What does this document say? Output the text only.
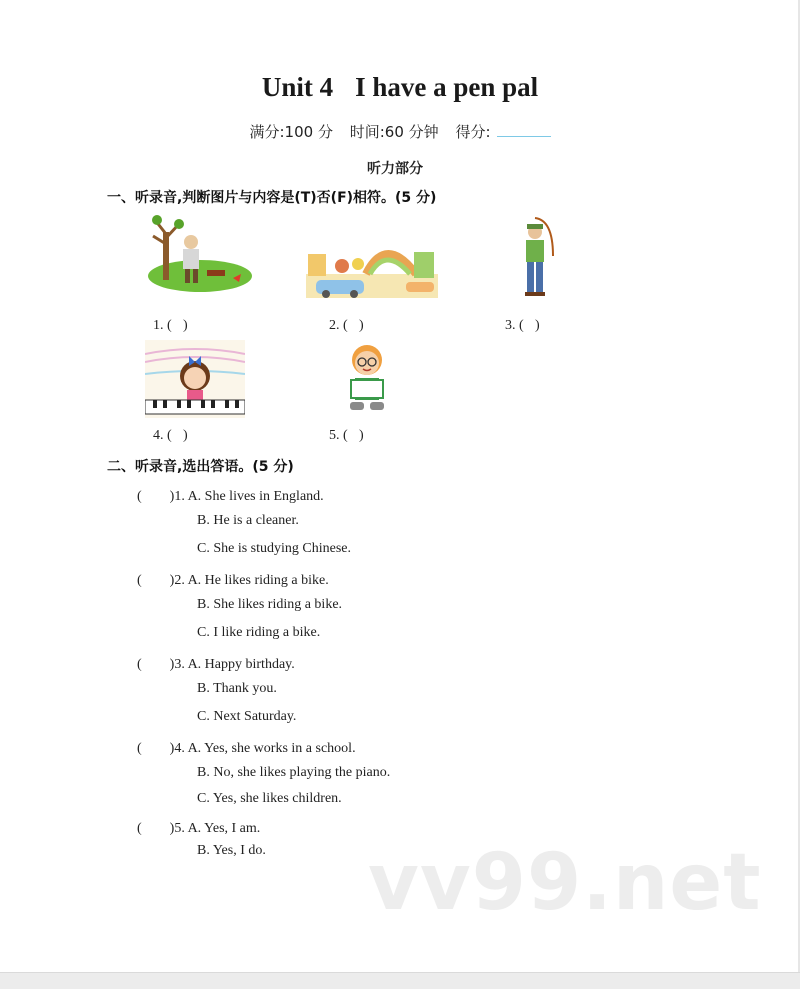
Unit 4 I have a pen pal
满分:100 分 时间:60 分钟 得分:
听力部分
一、听录音,判断图片与内容是(T)否(F)相符。(5 分)
1. ( )	2. ( )	3. ( )
4. ( )	5. ( )
二、听录音,选出答语。(5 分)
(　　)1. A. She lives in England.
B. He is a cleaner.
C. She is studying Chinese.
(　　)2. A. He likes riding a bike.
B. She likes riding a bike.
C. I like riding a bike.
(　　)3. A. Happy birthday.
B. Thank you.
C. Next Saturday.
(　　)4. A. Yes, she works in a school.
B. No, she likes playing the piano.
C. Yes, she likes children.
(　　)5. A. Yes, I am.
B. Yes, I do. vv99.net
